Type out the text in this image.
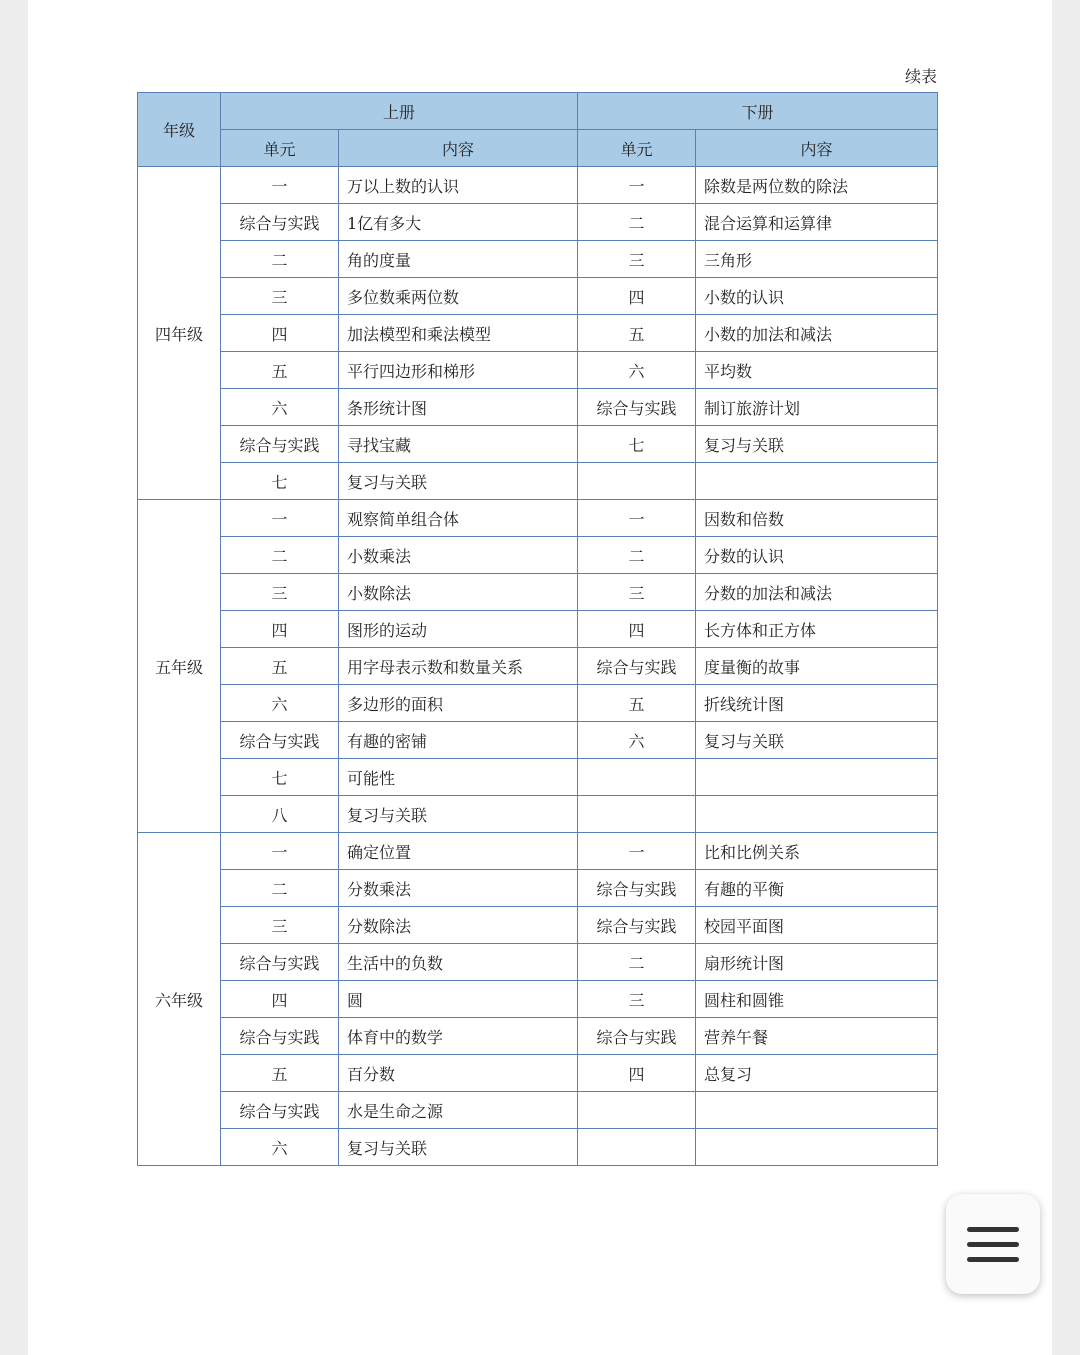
续表
年级	上册		下册	
	单元	内容	单元	内容
四年级	一	万以上数的认识	一	除数是两位数的除法
	综合与实践	1亿有多大	二	混合运算和运算律
	二	角的度量	三	三角形
	三	多位数乘两位数	四	小数的认识
	四	加法模型和乘法模型	五	小数的加法和减法
	五	平行四边形和梯形	六	平均数
	六	条形统计图	综合与实践	制订旅游计划
	综合与实践	寻找宝藏	七	复习与关联
	七	复习与关联		
五年级	一	观察简单组合体	一	因数和倍数
	二	小数乘法	二	分数的认识
	三	小数除法	三	分数的加法和减法
	四	图形的运动	四	长方体和正方体
	五	用字母表示数和数量关系	综合与实践	度量衡的故事
	六	多边形的面积	五	折线统计图
	综合与实践	有趣的密铺	六	复习与关联
	七	可能性		
	八	复习与关联		
六年级	一	确定位置	一	比和比例关系
	二	分数乘法	综合与实践	有趣的平衡
	三	分数除法	综合与实践	校园平面图
	综合与实践	生活中的负数	二	扇形统计图
	四	圆	三	圆柱和圆锥
	综合与实践	体育中的数学	综合与实践	营养午餐
	五	百分数	四	总复习
	综合与实践	水是生命之源		
	六	复习与关联		
